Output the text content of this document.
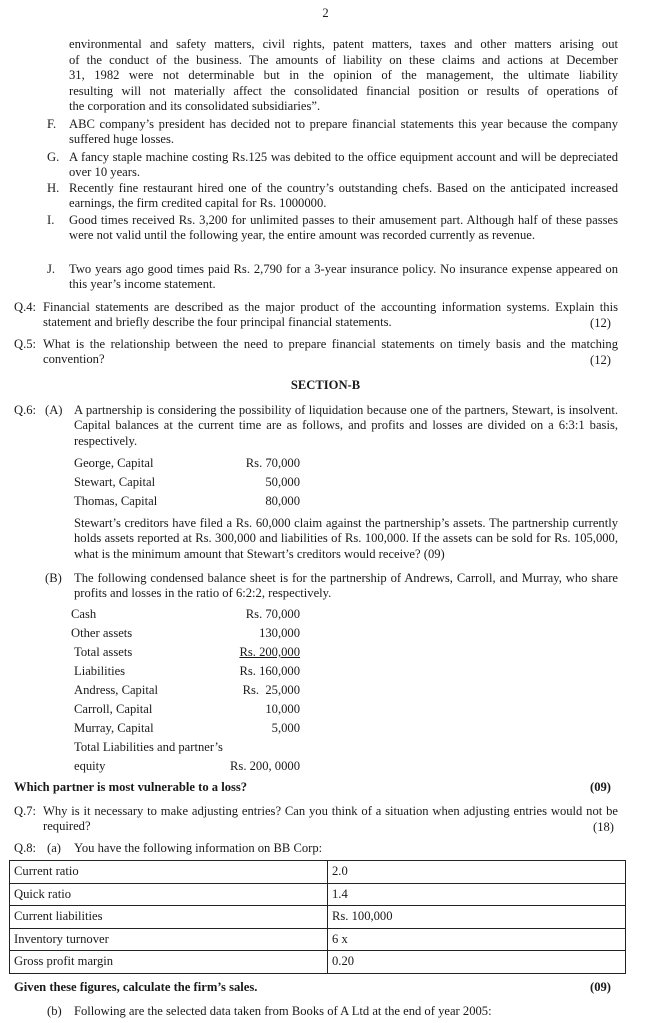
2
environmental and safety matters, civil rights, patent matters, taxes and other matters arising out
of the conduct of the business. The amounts of liability on these claims and actions at December
31, 1982 were not determinable but in the opinion of the management, the ultimate liability
resulting will not materially affect the consolidated financial position or results of operations of
the corporation and its consolidated subsidiaries”.
F. ABC company’s president has decided not to prepare financial statements this year because the company suffered huge losses.
G. A fancy staple machine costing Rs.125 was debited to the office equipment account and will be depreciated over 10 years.
H. Recently fine restaurant hired one of the country’s outstanding chefs. Based on the anticipated increased earnings, the firm credited capital for Rs. 1000000.
I. Good times received Rs. 3,200 for unlimited passes to their amusement part. Although half of these passes were not valid until the following year, the entire amount was recorded currently as revenue.
J. Two years ago good times paid Rs. 2,790 for a 3-year insurance policy. No insurance expense appeared on this year’s income statement.
Q.4: Financial statements are described as the major product of the accounting information systems. Explain this statement and briefly describe the four principal financial statements.	(12)
Q.5: What is the relationship between the need to prepare financial statements on timely basis and the matching convention?	(12)
SECTION-B
Q.6: (A) A partnership is considering the possibility of liquidation because one of the partners, Stewart, is insolvent. Capital balances at the current time are as follows, and profits and losses are divided on a 6:3:1 basis, respectively.
George, Capital	Rs. 70,000
Stewart, Capital	50,000
Thomas, Capital	80,000
Stewart’s creditors have filed a Rs. 60,000 claim against the partnership’s assets. The partnership currently holds assets reported at Rs. 300,000 and liabilities of Rs. 100,000. If the assets can be sold for Rs. 105,000, what is the minimum amount that Stewart’s creditors would receive? (09)
(B) The following condensed balance sheet is for the partnership of Andrews, Carroll, and Murray, who share profits and losses in the ratio of 6:2:2, respectively.
Cash	Rs. 70,000
Other assets	130,000
Total assets	Rs. 200,000
Liabilities	Rs. 160,000
Andress, Capital	Rs.  25,000
Carroll, Capital	10,000
Murray, Capital	5,000
Total Liabilities and partner’s
equity	Rs. 200, 0000
Which partner is most vulnerable to a loss?	(09)
Q.7: Why is it necessary to make adjusting entries? Can you think of a situation when adjusting entries would not be required?	(18)
Q.8: (a) You have the following information on BB Corp:
Current ratio	2.0
Quick ratio	1.4
Current liabilities	Rs. 100,000
Inventory turnover	6 x
Gross profit margin	0.20
Given these figures, calculate the firm’s sales.	(09)
(b) Following are the selected data taken from Books of A Ltd at the end of year 2005:
